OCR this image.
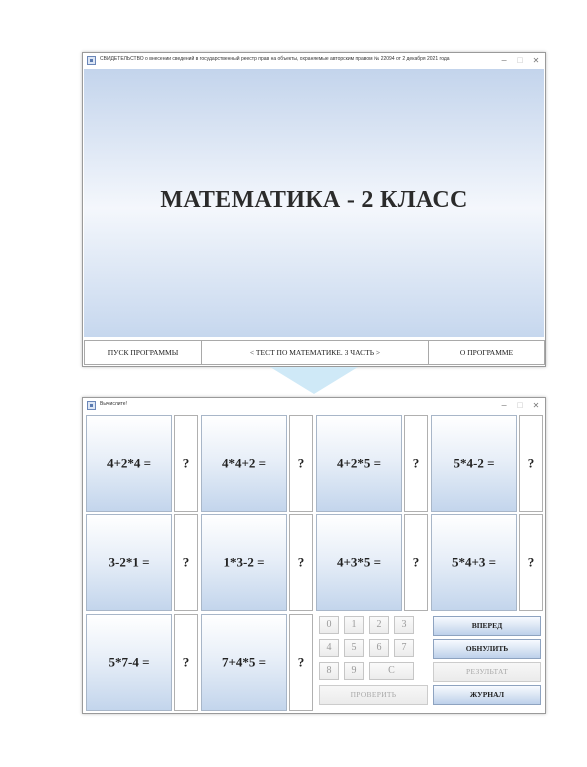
СВИДЕТЕЛЬСТВО о внесении сведений в государственный реестр прав на объекты, охраняемые авторским правом № 22094 от 2 декабря 2021 года	−	□	✕
МАТЕМАТИКА - 2 КЛАСС
ПУСК ПРОГРАММЫ	< ТЕСТ ПО МАТЕМАТИКЕ. 3 ЧАСТЬ >	О ПРОГРАММЕ
Вычислите!	−	□	✕
4+2*4 =	?	4*4+2 =	?	4+2*5 =	?	5*4-2 =	?
3-2*1 =	?	1*3-2 =	?	4+3*5 =	?	5*4+3 =	?
5*7-4 =	?	7+4*5 =	?
0	1	2	3
4	5	6	7
8	9	C
ПРОВЕРИТЬ
ВПЕРЕД
ОБНУЛИТЬ
РЕЗУЛЬТАТ
ЖУРНАЛ
